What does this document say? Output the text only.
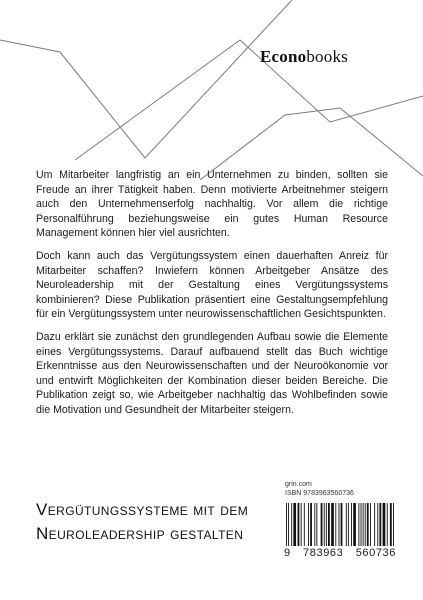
Econobooks

Um Mitarbeiter langfristig an ein Unternehmen zu binden, sollten sie Freude an ihrer Tätigkeit haben. Denn motivierte Arbeitnehmer steigern auch den Unternehmenserfolg nachhaltig. Vor allem die richtige Personalführung beziehungsweise ein gutes Human Resource Management können hier viel ausrichten.

Doch kann auch das Vergütungssystem einen dauerhaften Anreiz für Mitarbeiter schaffen? Inwiefern können Arbeitgeber Ansätze des Neuroleadership mit der Gestaltung eines Vergütungssystems kombinieren? Diese Publikation präsentiert eine Gestaltungsempfehlung für ein Vergütungssystem unter neurowissenschaftlichen Gesichtspunkten.

Dazu erklärt sie zunächst den grundlegenden Aufbau sowie die Elemente eines Vergütungssystems. Darauf aufbauend stellt das Buch wichtige Erkenntnisse aus den Neurowissenschaften und der Neuroökonomie vor und entwirft Möglichkeiten der Kombination dieser beiden Bereiche. Die Publikation zeigt so, wie Arbeitgeber nachhaltig das Wohlbefinden sowie die Motivation und Gesundheit der Mitarbeiter steigern.

Vergütungssysteme mit dem
Neuroleadership gestalten
grin.com
ISBN 9783963560736
9 783963 560736
